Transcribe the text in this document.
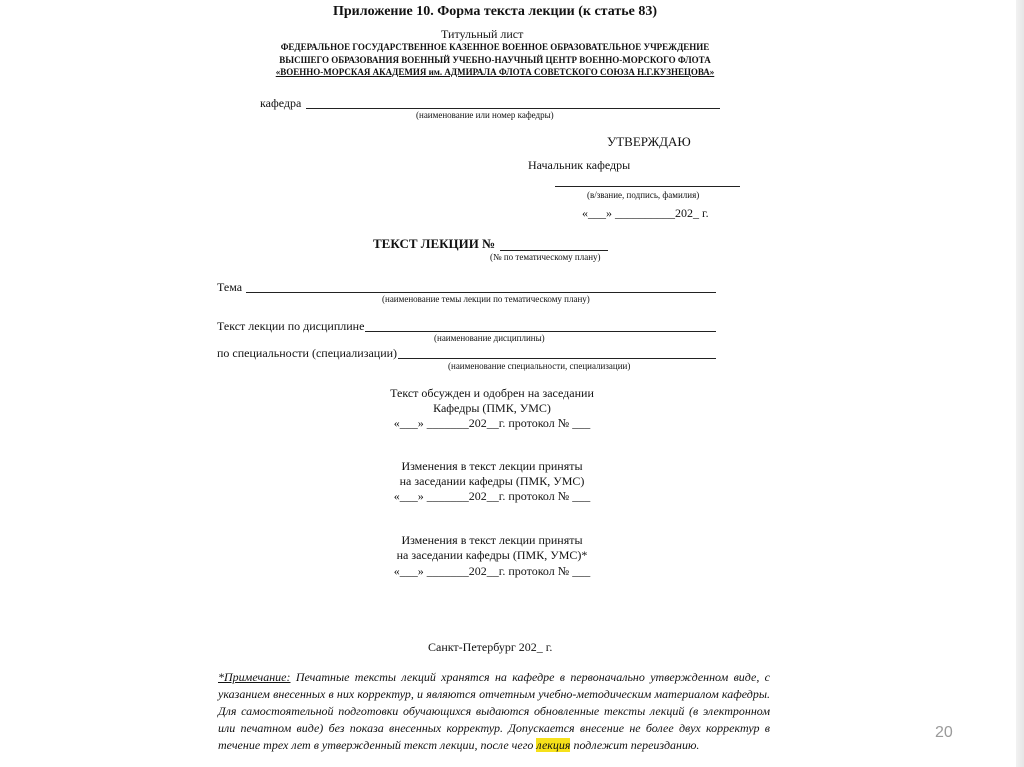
Приложение 10. Форма текста лекции (к статье 83)
Титульный лист
ФЕДЕРАЛЬНОЕ ГОСУДАРСТВЕННОЕ КАЗЕННОЕ ВОЕННОЕ ОБРАЗОВАТЕЛЬНОЕ УЧРЕЖДЕНИЕ
ВЫСШЕГО ОБРАЗОВАНИЯ ВОЕННЫЙ УЧЕБНО-НАУЧНЫЙ ЦЕНТР ВОЕННО-МОРСКОГО ФЛОТА
«ВОЕННО-МОРСКАЯ АКАДЕМИЯ им. АДМИРАЛА ФЛОТА СОВЕТСКОГО СОЮЗА Н.Г.КУЗНЕЦОВА»
кафедра
(наименование или номер кафедры)
УТВЕРЖДАЮ
Начальник кафедры
(в/звание, подпись, фамилия)
«___» __________202_ г.
ТЕКСТ ЛЕКЦИИ №
(№ по тематическому плану)
Тема
(наименование темы лекции по тематическому плану)
Текст лекции по дисциплине
(наименование дисциплины)
по специальности (специализации)
(наименование специальности, специализации)
Текст обсужден и одобрен на заседании
Кафедры (ПМК, УМС)
«___» _______202__г. протокол № ___
Изменения в текст лекции приняты
на заседании кафедры (ПМК, УМС)
«___» _______202__г. протокол № ___
Изменения в текст лекции приняты
на заседании кафедры (ПМК, УМС)*
«___» _______202__г. протокол № ___
Санкт-Петербург 202_ г.
*Примечание: Печатные тексты лекций хранятся на кафедре в первоначально утвержденном виде, с указанием внесенных в них корректур, и являются отчетным учебно-методическим материалом кафедры. Для самостоятельной подготовки обучающихся выдаются обновленные тексты лекций (в электронном или печатном виде) без показа внесенных корректур. Допускается внесение не более двух корректур в течение трех лет в утвержденный текст лекции, после чего лекция подлежит переизданию.
20
